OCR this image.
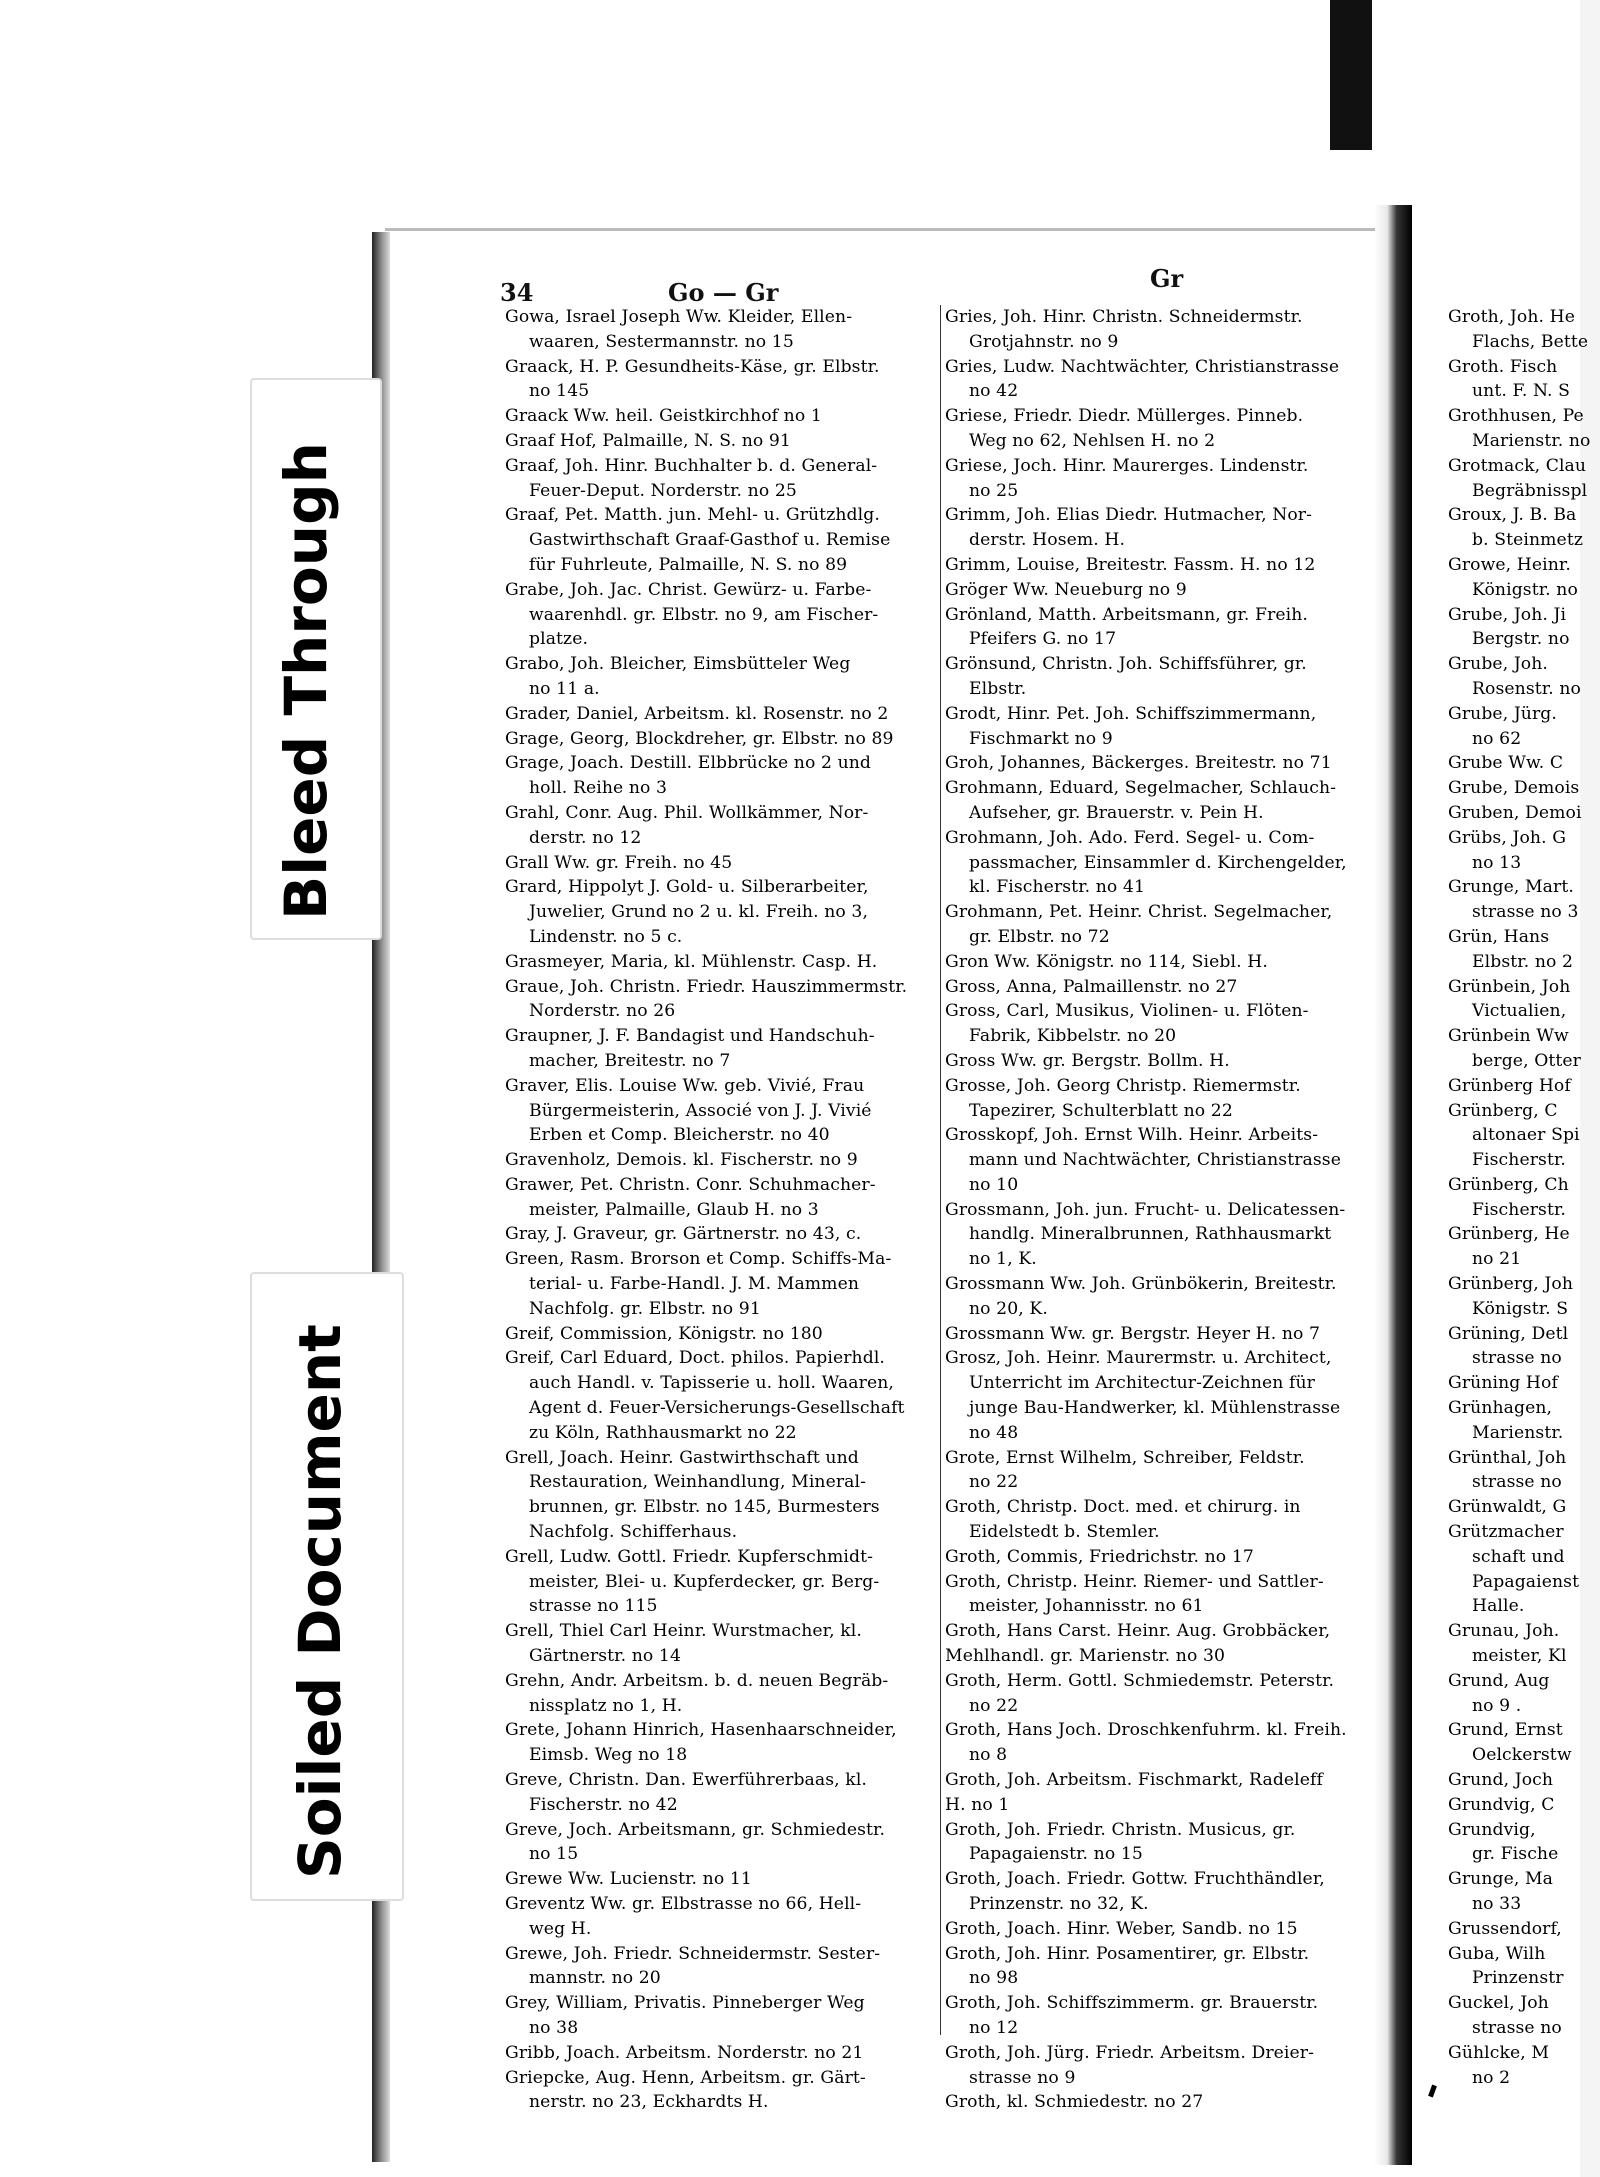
Bleed Through
Soiled Document
34	Go — Gr	Gr
Gowa, Israel Joseph Ww. Kleider, Ellen-
waaren, Sestermannstr. no 15
Graack, H. P. Gesundheits-Käse, gr. Elbstr.
no 145
Graack Ww. heil. Geistkirchhof no 1
Graaf Hof, Palmaille, N. S. no 91
Graaf, Joh. Hinr. Buchhalter b. d. General-
Feuer-Deput. Norderstr. no 25
Graaf, Pet. Matth. jun. Mehl- u. Grützhdlg.
Gastwirthschaft Graaf-Gasthof u. Remise
für Fuhrleute, Palmaille, N. S. no 89
Grabe, Joh. Jac. Christ. Gewürz- u. Farbe-
waarenhdl. gr. Elbstr. no 9, am Fischer-
platze.
Grabo, Joh. Bleicher, Eimsbütteler Weg
no 11 a.
Grader, Daniel, Arbeitsm. kl. Rosenstr. no 2
Grage, Georg, Blockdreher, gr. Elbstr. no 89
Grage, Joach. Destill. Elbbrücke no 2 und
holl. Reihe no 3
Grahl, Conr. Aug. Phil. Wollkämmer, Nor-
derstr. no 12
Grall Ww. gr. Freih. no 45
Grard, Hippolyt J. Gold- u. Silberarbeiter,
Juwelier, Grund no 2 u. kl. Freih. no 3,
Lindenstr. no 5 c.
Grasmeyer, Maria, kl. Mühlenstr. Casp. H.
Graue, Joh. Christn. Friedr. Hauszimmermstr.
Norderstr. no 26
Graupner, J. F. Bandagist und Handschuh-
macher, Breitestr. no 7
Graver, Elis. Louise Ww. geb. Vivié, Frau
Bürgermeisterin, Associé von J. J. Vivié
Erben et Comp. Bleicherstr. no 40
Gravenholz, Demois. kl. Fischerstr. no 9
Grawer, Pet. Christn. Conr. Schuhmacher-
meister, Palmaille, Glaub H. no 3
Gray, J. Graveur, gr. Gärtnerstr. no 43, c.
Green, Rasm. Brorson et Comp. Schiffs-Ma-
terial- u. Farbe-Handl. J. M. Mammen
Nachfolg. gr. Elbstr. no 91
Greif, Commission, Königstr. no 180
Greif, Carl Eduard, Doct. philos. Papierhdl.
auch Handl. v. Tapisserie u. holl. Waaren,
Agent d. Feuer-Versicherungs-Gesellschaft
zu Köln, Rathhausmarkt no 22
Grell, Joach. Heinr. Gastwirthschaft und
Restauration, Weinhandlung, Mineral-
brunnen, gr. Elbstr. no 145, Burmesters
Nachfolg. Schifferhaus.
Grell, Ludw. Gottl. Friedr. Kupferschmidt-
meister, Blei- u. Kupferdecker, gr. Berg-
strasse no 115
Grell, Thiel Carl Heinr. Wurstmacher, kl.
Gärtnerstr. no 14
Grehn, Andr. Arbeitsm. b. d. neuen Begräb-
nissplatz no 1, H.
Grete, Johann Hinrich, Hasenhaarschneider,
Eimsb. Weg no 18
Greve, Christn. Dan. Ewerführerbaas, kl.
Fischerstr. no 42
Greve, Joch. Arbeitsmann, gr. Schmiedestr.
no 15
Grewe Ww. Lucienstr. no 11
Greventz Ww. gr. Elbstrasse no 66, Hell-
weg H.
Grewe, Joh. Friedr. Schneidermstr. Sester-
mannstr. no 20
Grey, William, Privatis. Pinneberger Weg
no 38
Gribb, Joach. Arbeitsm. Norderstr. no 21
Griepcke, Aug. Henn, Arbeitsm. gr. Gärt-
nerstr. no 23, Eckhardts H.
Gries, Joh. Hinr. Christn. Schneidermstr.
Grotjahnstr. no 9
Gries, Ludw. Nachtwächter, Christianstrasse
no 42
Griese, Friedr. Diedr. Müllerges. Pinneb.
Weg no 62, Nehlsen H. no 2
Griese, Joch. Hinr. Maurerges. Lindenstr.
no 25
Grimm, Joh. Elias Diedr. Hutmacher, Nor-
derstr. Hosem. H.
Grimm, Louise, Breitestr. Fassm. H. no 12
Gröger Ww. Neueburg no 9
Grönland, Matth. Arbeitsmann, gr. Freih.
Pfeifers G. no 17
Grönsund, Christn. Joh. Schiffsführer, gr.
Elbstr.
Grodt, Hinr. Pet. Joh. Schiffszimmermann,
Fischmarkt no 9
Groh, Johannes, Bäckerges. Breitestr. no 71
Grohmann, Eduard, Segelmacher, Schlauch-
Aufseher, gr. Brauerstr. v. Pein H.
Grohmann, Joh. Ado. Ferd. Segel- u. Com-
passmacher, Einsammler d. Kirchengelder,
kl. Fischerstr. no 41
Grohmann, Pet. Heinr. Christ. Segelmacher,
gr. Elbstr. no 72
Gron Ww. Königstr. no 114, Siebl. H.
Gross, Anna, Palmaillenstr. no 27
Gross, Carl, Musikus, Violinen- u. Flöten-
Fabrik, Kibbelstr. no 20
Gross Ww. gr. Bergstr. Bollm. H.
Grosse, Joh. Georg Christp. Riemermstr.
Tapezirer, Schulterblatt no 22
Grosskopf, Joh. Ernst Wilh. Heinr. Arbeits-
mann und Nachtwächter, Christianstrasse
no 10
Grossmann, Joh. jun. Frucht- u. Delicatessen-
handlg. Mineralbrunnen, Rathhausmarkt
no 1, K.
Grossmann Ww. Joh. Grünbökerin, Breitestr.
no 20, K.
Grossmann Ww. gr. Bergstr. Heyer H. no 7
Grosz, Joh. Heinr. Maurermstr. u. Architect,
Unterricht im Architectur-Zeichnen für
junge Bau-Handwerker, kl. Mühlenstrasse
no 48
Grote, Ernst Wilhelm, Schreiber, Feldstr.
no 22
Groth, Christp. Doct. med. et chirurg. in
Eidelstedt b. Stemler.
Groth, Commis, Friedrichstr. no 17
Groth, Christp. Heinr. Riemer- und Sattler-
meister, Johannisstr. no 61
Groth, Hans Carst. Heinr. Aug. Grobbäcker,
Mehlhandl. gr. Marienstr. no 30
Groth, Herm. Gottl. Schmiedemstr. Peterstr.
no 22
Groth, Hans Joch. Droschkenfuhrm. kl. Freih.
no 8
Groth, Joh. Arbeitsm. Fischmarkt, Radeleff
H. no 1
Groth, Joh. Friedr. Christn. Musicus, gr.
Papagaienstr. no 15
Groth, Joach. Friedr. Gottw. Fruchthändler,
Prinzenstr. no 32, K.
Groth, Joach. Hinr. Weber, Sandb. no 15
Groth, Joh. Hinr. Posamentirer, gr. Elbstr.
no 98
Groth, Joh. Schiffszimmerm. gr. Brauerstr.
no 12
Groth, Joh. Jürg. Friedr. Arbeitsm. Dreier-
strasse no 9
Groth, kl. Schmiedestr. no 27
Groth, Joh. He
Flachs, Bette
Groth. Fisch
unt. F. N. S
Grothhusen, Pe
Marienstr. no
Grotmack, Clau
Begräbnisspl
Groux, J. B. Ba
b. Steinmetz
Growe, Heinr.
Königstr. no
Grube, Joh. Ji
Bergstr. no
Grube, Joh.
Rosenstr. no
Grube, Jürg.
no 62
Grube Ww. C
Grube, Demois
Gruben, Demoi
Grübs, Joh. G
no 13
Grunge, Mart.
strasse no 3
Grün, Hans
Elbstr. no 2
Grünbein, Joh
Victualien,
Grünbein Ww
berge, Otter
Grünberg Hof
Grünberg, C
altonaer Spi
Fischerstr.
Grünberg, Ch
Fischerstr.
Grünberg, He
no 21
Grünberg, Joh
Königstr. S
Grüning, Detl
strasse no
Grüning Hof
Grünhagen,
Marienstr.
Grünthal, Joh
strasse no
Grünwaldt, G
Grützmacher
schaft und
Papagaienst
Halle.
Grunau, Joh.
meister, Kl
Grund, Aug
no 9 .
Grund, Ernst
Oelckerstw
Grund, Joch
Grundvig, C
Grundvig,
gr. Fische
Grunge, Ma
no 33
Grussendorf,
Guba, Wilh
Prinzenstr
Guckel, Joh
strasse no
Gühlcke, M
no 2
